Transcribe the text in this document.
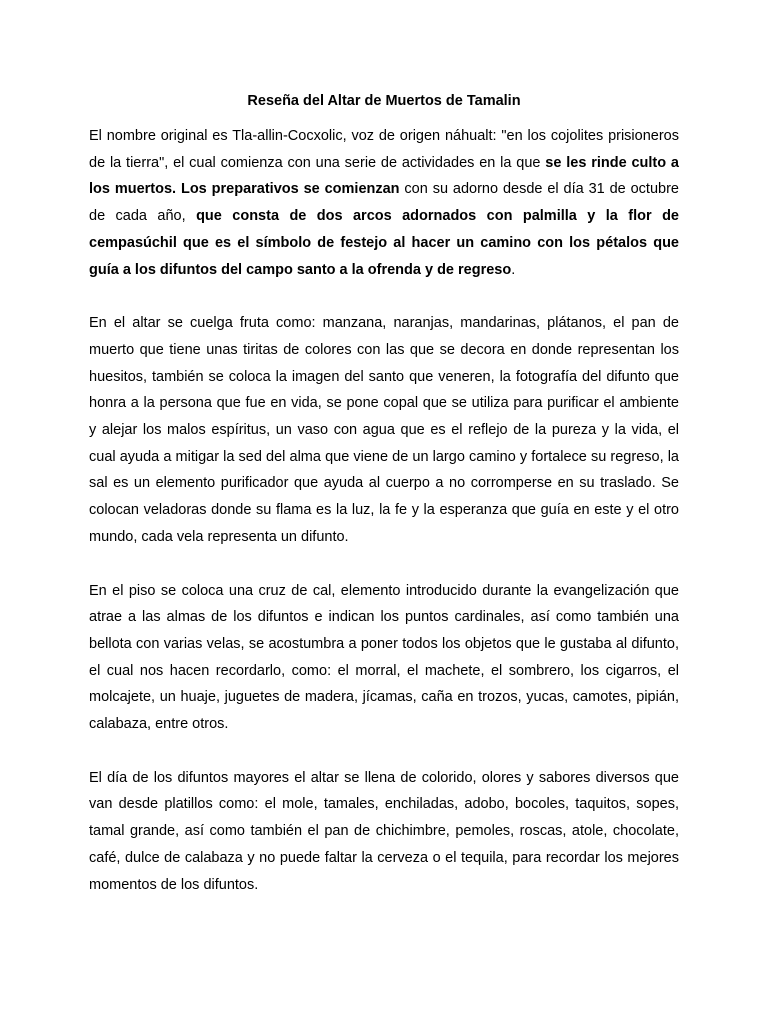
Reseña del Altar de Muertos de Tamalin

El nombre original es Tla-allin-Cocxolic, voz de origen náhualt: "en los cojolites prisioneros de la tierra", el cual comienza con una serie de actividades en la que se les rinde culto a los muertos. Los preparativos se comienzan con su adorno desde el día 31 de octubre de cada año, que consta de dos arcos adornados con palmilla y la flor de cempasúchil que es el símbolo de festejo al hacer un camino con los pétalos que guía a los difuntos del campo santo a la ofrenda y de regreso.

En el altar se cuelga fruta como: manzana, naranjas, mandarinas, plátanos, el pan de muerto que tiene unas tiritas de colores con las que se decora en donde representan los huesitos, también se coloca la imagen del santo que veneren, la fotografía del difunto que honra a la persona que fue en vida, se pone copal que se utiliza para purificar el ambiente y alejar los malos espíritus, un vaso con agua que es el reflejo de la pureza y la vida, el cual ayuda a mitigar la sed del alma que viene de un largo camino y fortalece su regreso, la sal es un elemento purificador que ayuda al cuerpo a no corromperse en su traslado. Se colocan veladoras donde su flama es la luz, la fe y la esperanza que guía en este y el otro mundo, cada vela representa un difunto.

En el piso se coloca una cruz de cal, elemento introducido durante la evangelización que atrae a las almas de los difuntos e indican los puntos cardinales, así como también una bellota con varias velas, se acostumbra a poner todos los objetos que le gustaba al difunto, el cual nos hacen recordarlo, como: el morral, el machete, el sombrero, los cigarros, el molcajete, un huaje, juguetes de madera, jícamas, caña en trozos, yucas, camotes, pipián, calabaza, entre otros.

El día de los difuntos mayores el altar se llena de colorido, olores y sabores diversos que van desde platillos como: el mole, tamales, enchiladas, adobo, bocoles, taquitos, sopes, tamal grande, así como también el pan de chichimbre, pemoles, roscas, atole, chocolate, café, dulce de calabaza y no puede faltar la cerveza o el tequila, para recordar los mejores momentos de los difuntos.
